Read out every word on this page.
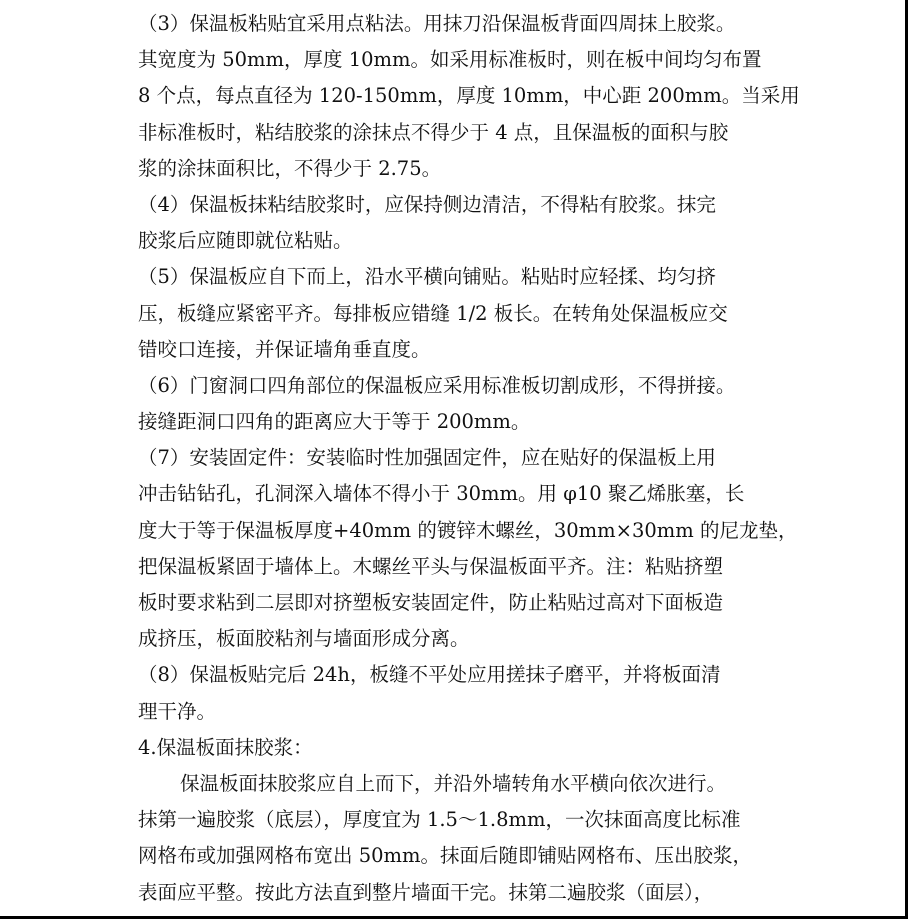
（3）保温板粘贴宜采用点粘法。用抹刀沿保温板背面四周抹上胶浆。
其宽度为 50mm，厚度 10mm。如采用标准板时，则在板中间均匀布置
8 个点，每点直径为 120-150mm，厚度 10mm，中心距 200mm。当采用
非标准板时，粘结胶浆的涂抹点不得少于 4 点，且保温板的面积与胶
浆的涂抹面积比，不得少于 2.75。
（4）保温板抹粘结胶浆时，应保持侧边清洁，不得粘有胶浆。抹完
胶浆后应随即就位粘贴。
（5）保温板应自下而上，沿水平横向铺贴。粘贴时应轻揉、均匀挤
压，板缝应紧密平齐。每排板应错缝 1/2 板长。在转角处保温板应交
错咬口连接，并保证墙角垂直度。
（6）门窗洞口四角部位的保温板应采用标准板切割成形，不得拼接。
接缝距洞口四角的距离应大于等于 200mm。
（7）安装固定件：安装临时性加强固定件，应在贴好的保温板上用
冲击钻钻孔，孔洞深入墙体不得小于 30mm。用 φ10 聚乙烯胀塞，长
度大于等于保温板厚度+40mm 的镀锌木螺丝，30mm×30mm 的尼龙垫，
把保温板紧固于墙体上。木螺丝平头与保温板面平齐。注：粘贴挤塑
板时要求粘到二层即对挤塑板安装固定件，防止粘贴过高对下面板造
成挤压，板面胶粘剂与墙面形成分离。
（8）保温板贴完后 24h，板缝不平处应用搓抹子磨平，并将板面清
理干净。
4.保温板面抹胶浆：
保温板面抹胶浆应自上而下，并沿外墙转角水平横向依次进行。
抹第一遍胶浆（底层），厚度宜为 1.5～1.8mm，一次抹面高度比标准
网格布或加强网格布宽出 50mm。抹面后随即铺贴网格布、压出胶浆，
表面应平整。按此方法直到整片墙面干完。抹第二遍胶浆（面层），
